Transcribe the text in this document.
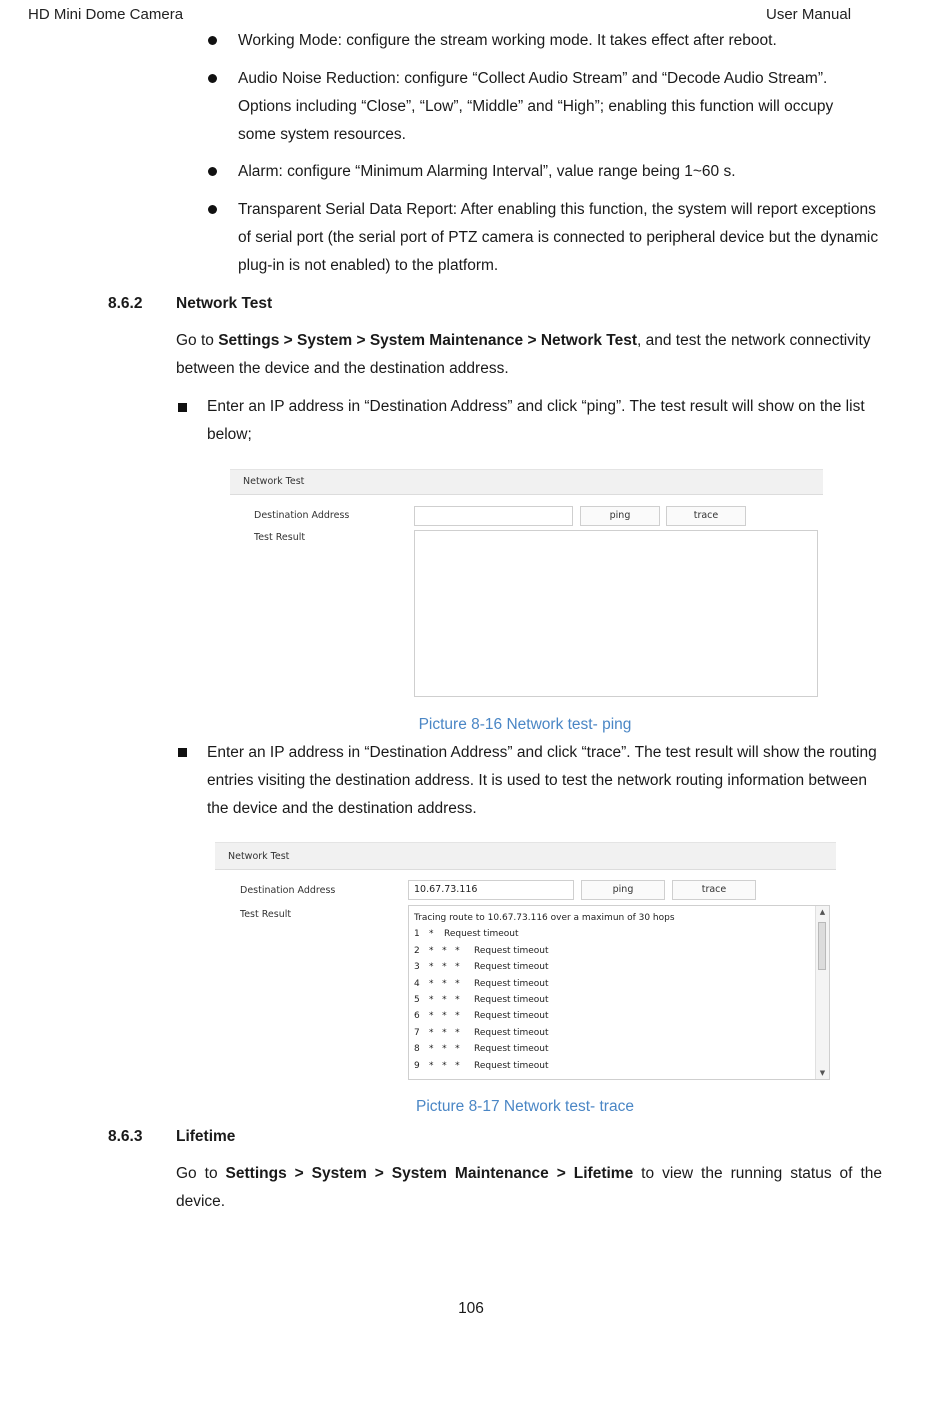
HD Mini Dome Camera	User Manual
Working Mode: configure the stream working mode. It takes effect after reboot.
Audio Noise Reduction: configure “Collect Audio Stream” and “Decode Audio Stream”. Options including “Close”, “Low”, “Middle” and “High”; enabling this function will occupy some system resources.
Alarm: configure “Minimum Alarming Interval”, value range being 1~60 s.
Transparent Serial Data Report: After enabling this function, the system will report exceptions of serial port (the serial port of PTZ camera is connected to peripheral device but the dynamic plug-in is not enabled) to the platform.
8.6.2 Network Test
Go to Settings > System > System Maintenance > Network Test, and test the network connectivity between the device and the destination address.
Enter an IP address in “Destination Address” and click “ping”. The test result will show on the list below;
Network Test
Destination Address	ping	trace
Test Result
Picture 8-16 Network test- ping
Enter an IP address in “Destination Address” and click “trace”. The test result will show the routing entries visiting the destination address. It is used to test the network routing information between the device and the destination address.
Network Test
Destination Address	10.67.73.116	ping	trace
Test Result	Tracing route to 10.67.73.116 over a maximun of 30 hops
1 * Request timeout
2 *   *   * Request timeout
3 *   *   * Request timeout
4 *   *   * Request timeout
5 *   *   * Request timeout
6 *   *   * Request timeout
7 *   *   * Request timeout
8 *   *   * Request timeout
9 *   *   * Request timeout
▲
▼
Picture 8-17 Network test- trace
8.6.3 Lifetime
Go to Settings > System > System Maintenance > Lifetime to view the running status of the device.
106
